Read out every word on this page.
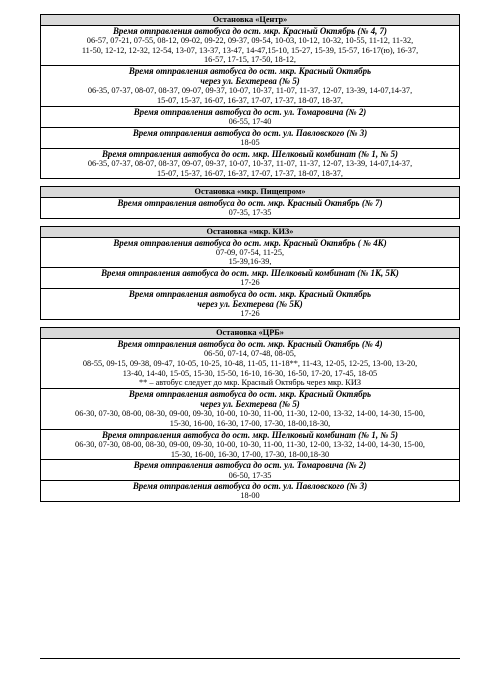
Остановка «Центр»

Время отправления автобуса до ост. мкр. Красный Октябрь (№ 4, 7)
06-57, 07-21, 07-55, 08-12, 09-02, 09-22, 09-37, 09-54, 10-03, 10-12, 10-32, 10-55, 11-12, 11-32,
11-50, 12-12, 12-32, 12-54, 13-07, 13-37, 13-47, 14-47,15-10, 15-27, 15-39, 15-57, 16-17(ю), 16-37,
16-57, 17-15, 17-50, 18-12,

Время отправления автобуса до ост. мкр. Красный Октябрь
через ул. Бехтерева (№ 5)
06-35, 07-37, 08-07, 08-37, 09-07, 09-37, 10-07, 10-37, 11-07, 11-37, 12-07, 13-39, 14-07,14-37,
15-07, 15-37, 16-07, 16-37, 17-07, 17-37, 18-07, 18-37,

Время отправления автобуса до ост. ул. Томаровича (№ 2)
06-55, 17-40

Время отправления автобуса до ост. ул. Павловского (№ 3)
18-05

Время отправления автобуса до ост. мкр. Шелковый комбинат (№ 1, № 5)
06-35, 07-37, 08-07, 08-37, 09-07, 09-37, 10-07, 10-37, 11-07, 11-37, 12-07, 13-39, 14-07,14-37,
15-07, 15-37, 16-07, 16-37, 17-07, 17-37, 18-07, 18-37,
Остановка «мкр. Пищепром»

Время отправления автобуса до ост. мкр. Красный Октябрь (№ 7)
07-35, 17-35
Остановка «мкр. КИЗ»

Время отправления автобуса до ост. мкр. Красный Октябрь ( № 4К)
07-09, 07-54, 11-25,
15-39,16-39,

Время отправления автобуса до ост. мкр. Шелковый комбинат (№ 1К, 5К)
17-26

Время отправления автобуса до ост. мкр. Красный Октябрь
через ул. Бехтерева (№ 5К)
17-26
Остановка «ЦРБ»

Время отправления автобуса до ост. мкр. Красный Октябрь (№ 4)
06-50, 07-14, 07-48, 08-05,
08-55, 09-15, 09-38, 09-47, 10-05, 10-25, 10-48, 11-05, 11-18**, 11-43, 12-05, 12-25, 13-00, 13-20,
13-40, 14-40, 15-05, 15-30, 15-50, 16-10, 16-30, 16-50, 17-20, 17-45, 18-05
** – автобус следует до мкр. Красный Октябрь через мкр. КИЗ

Время отправления автобуса до ост. мкр. Красный Октябрь
через ул. Бехтерева (№ 5)
06-30, 07-30, 08-00, 08-30, 09-00, 09-30, 10-00, 10-30, 11-00, 11-30, 12-00, 13-32, 14-00, 14-30, 15-00,
15-30, 16-00, 16-30, 17-00, 17-30, 18-00,18-30,

Время отправления автобуса до ост. мкр. Шелковый комбинат (№ 1, № 5)
06-30, 07-30, 08-00, 08-30, 09-00, 09-30, 10-00, 10-30, 11-00, 11-30, 12-00, 13-32, 14-00, 14-30, 15-00,
15-30, 16-00, 16-30, 17-00, 17-30, 18-00,18-30

Время отправления автобуса до ост. ул. Томаровича (№ 2)
06-50, 17-35

Время отправления автобуса до ост. ул. Павловского (№ 3)
18-00
